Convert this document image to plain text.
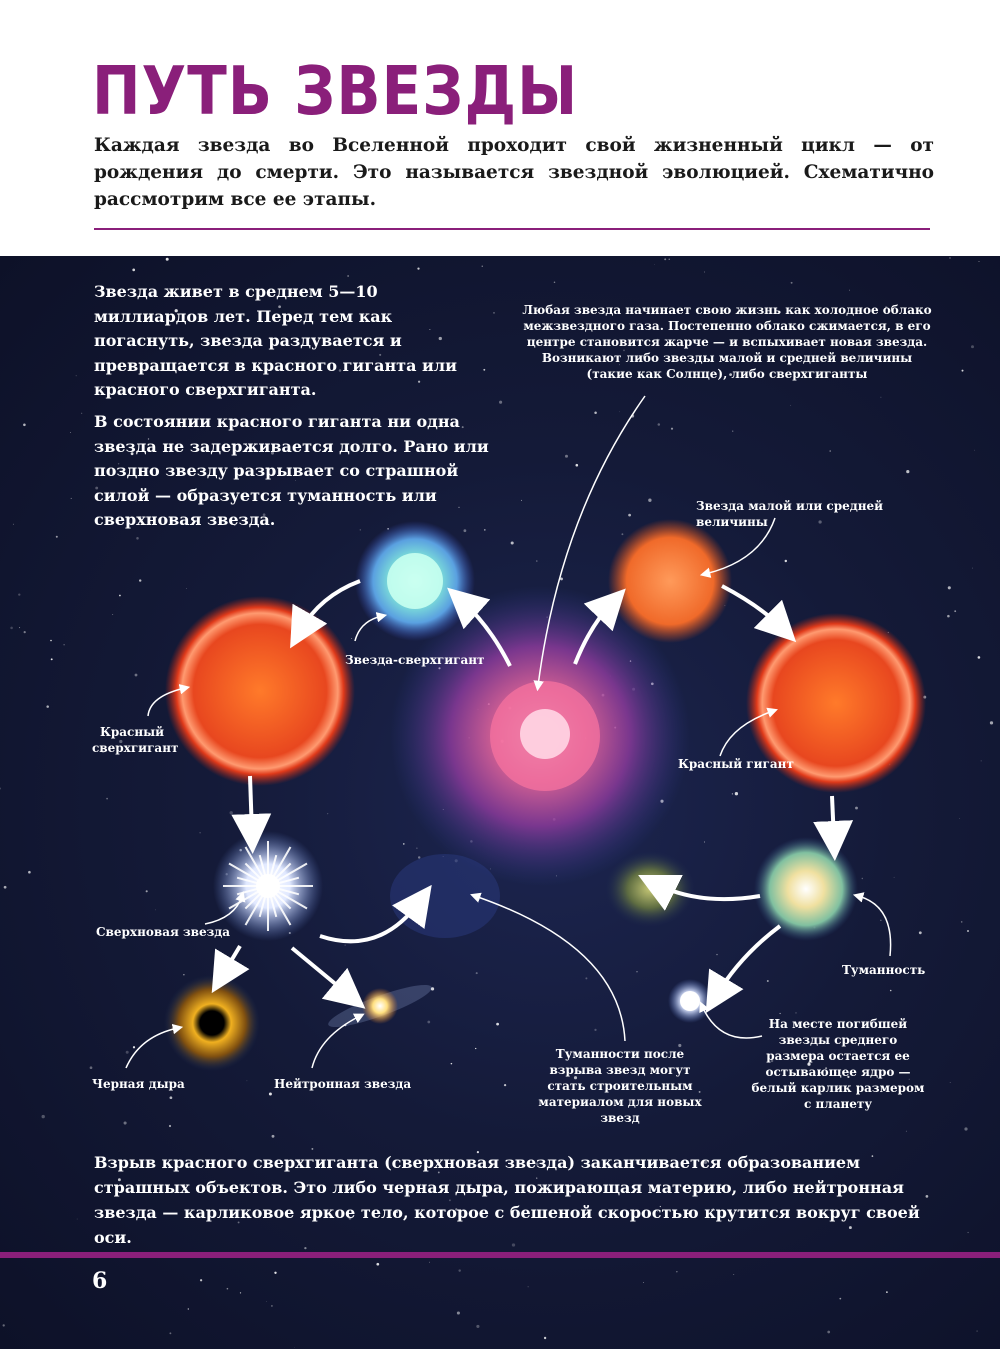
ПУТЬ ЗВЕЗДЫ
Каждая звезда во Вселенной проходит свой жизненный цикл — от рождения до смерти. Это называется звездной эволюцией. Схематично рассмотрим все ее этапы.
Звезда живет в среднем 5—10 миллиардов лет. Перед тем как погаснуть, звезда раздувается и превращается в красного гиганта или красного сверхгиганта.
В состоянии красного гиганта ни одна звезда не задерживается долго. Рано или поздно звезду разрывает со страшной силой — образуется туманность или сверхновая звезда.
Любая звезда начинает свою жизнь как холодное облако межзвездного газа. Постепенно облако сжимается, в его центре становится жарче — и вспыхивает новая звезда. Возникают либо звезды малой и средней величины (такие как Солнце), либо сверхгиганты
Звезда малой или средней величины
Звезда-сверхгигант
Красный сверхгигант
Красный гигант
Сверхновая звезда
Туманность
Черная дыра	Нейтронная звезда
Туманности после взрыва звезд могут стать строительным материалом для новых звезд
На месте погибшей звезды среднего размера остается ее остывающее ядро — белый карлик размером с планету
Взрыв красного сверхгиганта (сверхновая звезда) заканчивается образованием страшных объектов. Это либо черная дыра, пожирающая материю, либо нейтронная звезда — карликовое яркое тело, которое с бешеной скоростью крутится вокруг своей оси.
6
